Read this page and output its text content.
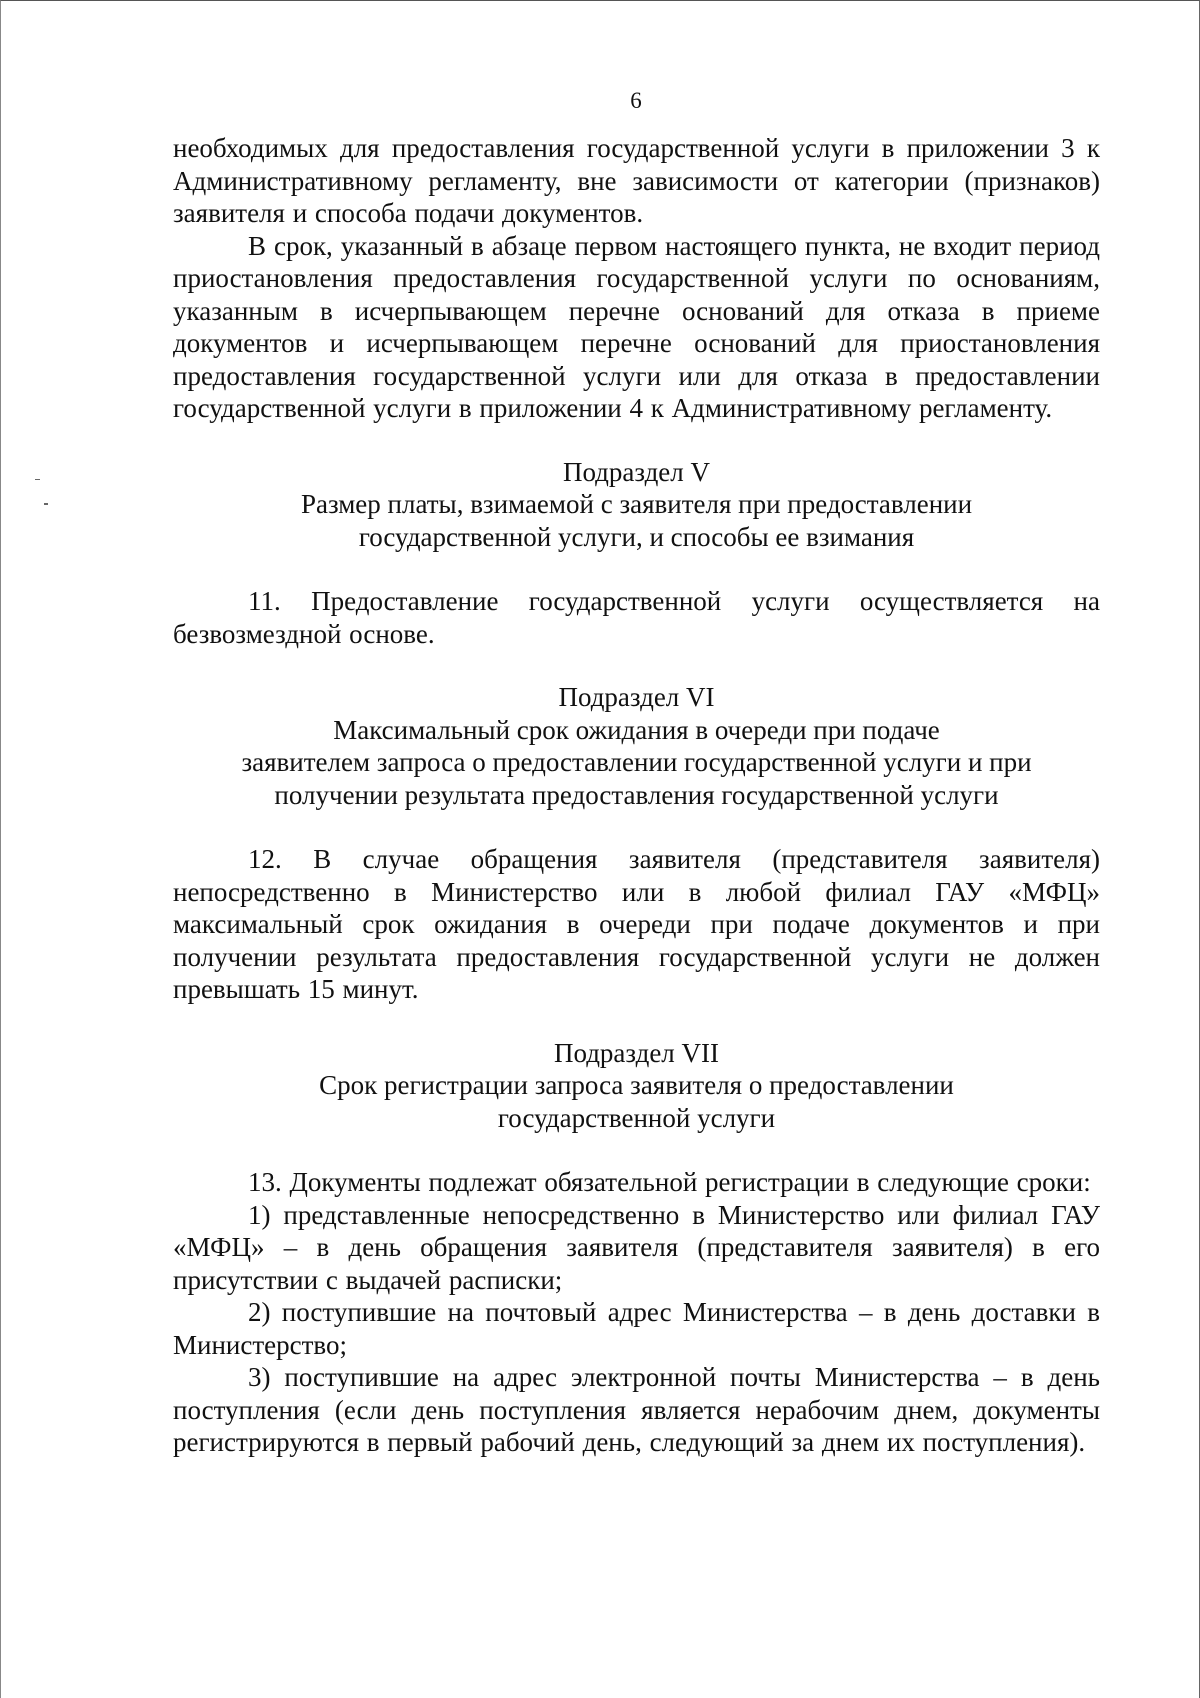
6

необходимых для предоставления государственной услуги в приложении 3 к Административному регламенту, вне зависимости от категории (признаков) заявителя и способа подачи документов.

В срок, указанный в абзаце первом настоящего пункта, не входит период приостановления предоставления государственной услуги по основаниям, указанным в исчерпывающем перечне оснований для отказа в приеме документов и исчерпывающем перечне оснований для приостановления предоставления государственной услуги или для отказа в предоставлении государственной услуги в приложении 4 к Административному регламенту.

Подраздел V
Размер платы, взимаемой с заявителя при предоставлении
государственной услуги, и способы ее взимания

11. Предоставление государственной услуги осуществляется на безвозмездной основе.

Подраздел VI
Максимальный срок ожидания в очереди при подаче
заявителем запроса о предоставлении государственной услуги и при
получении результата предоставления государственной услуги

12. В случае обращения заявителя (представителя заявителя) непосредственно в Министерство или в любой филиал ГАУ «МФЦ» максимальный срок ожидания в очереди при подаче документов и при получении результата предоставления государственной услуги не должен превышать 15 минут.

Подраздел VII
Срок регистрации запроса заявителя о предоставлении
государственной услуги

13. Документы подлежат обязательной регистрации в следующие сроки:

1) представленные непосредственно в Министерство или филиал ГАУ «МФЦ» – в день обращения заявителя (представителя заявителя) в его присутствии с выдачей расписки;

2) поступившие на почтовый адрес Министерства – в день доставки в Министерство;

3) поступившие на адрес электронной почты Министерства – в день поступления (если день поступления является нерабочим днем, документы регистрируются в первый рабочий день, следующий за днем их поступления).
